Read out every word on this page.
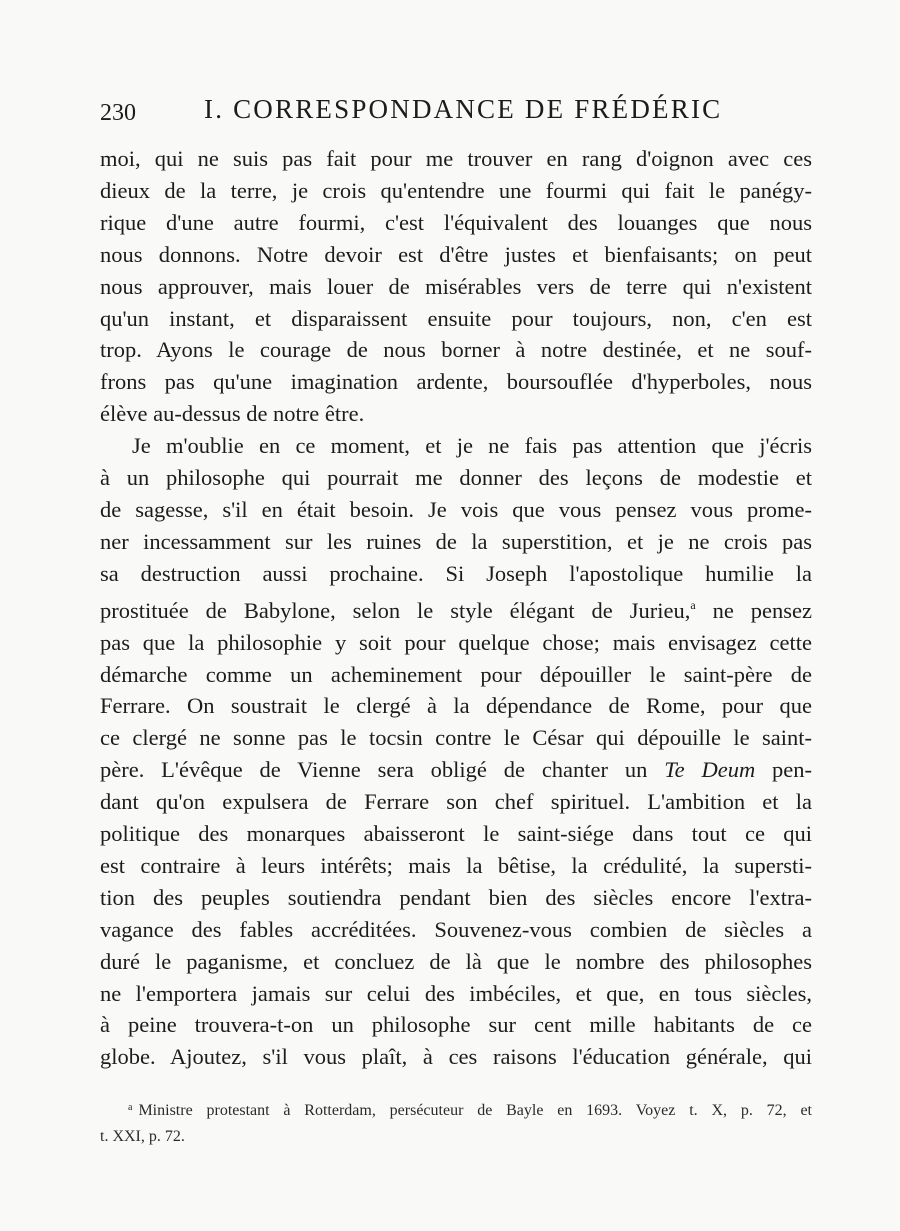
230	I. CORRESPONDANCE DE FRÉDÉRIC
moi, qui ne suis pas fait pour me trouver en rang d'oignon avec ces
dieux de la terre, je crois qu'entendre une fourmi qui fait le panégy-
rique d'une autre fourmi, c'est l'équivalent des louanges que nous
nous donnons. Notre devoir est d'être justes et bienfaisants; on peut
nous approuver, mais louer de misérables vers de terre qui n'existent
qu'un instant, et disparaissent ensuite pour toujours, non, c'en est
trop. Ayons le courage de nous borner à notre destinée, et ne souf-
frons pas qu'une imagination ardente, boursouflée d'hyperboles, nous
élève au-dessus de notre être.
Je m'oublie en ce moment, et je ne fais pas attention que j'écris
à un philosophe qui pourrait me donner des leçons de modestie et
de sagesse, s'il en était besoin. Je vois que vous pensez vous prome-
ner incessamment sur les ruines de la superstition, et je ne crois pas
sa destruction aussi prochaine. Si Joseph l'apostolique humilie la
prostituée de Babylone, selon le style élégant de Jurieu,$^a$ ne pensez
pas que la philosophie y soit pour quelque chose; mais envisagez cette
démarche comme un acheminement pour dépouiller le saint-père de
Ferrare. On soustrait le clergé à la dépendance de Rome, pour que
ce clergé ne sonne pas le tocsin contre le César qui dépouille le saint-
père. L'évêque de Vienne sera obligé de chanter un Te Deum pen-
dant qu'on expulsera de Ferrare son chef spirituel. L'ambition et la
politique des monarques abaisseront le saint-siége dans tout ce qui
est contraire à leurs intérêts; mais la bêtise, la crédulité, la supersti-
tion des peuples soutiendra pendant bien des siècles encore l'extra-
vagance des fables accréditées. Souvenez-vous combien de siècles a
duré le paganisme, et concluez de là que le nombre des philosophes
ne l'emportera jamais sur celui des imbéciles, et que, en tous siècles,
à peine trouvera-t-on un philosophe sur cent mille habitants de ce
globe. Ajoutez, s'il vous plaît, à ces raisons l'éducation générale, qui
$^a$ Ministre protestant à Rotterdam, persécuteur de Bayle en 1693. Voyez t. X, p. 72, et
t. XXI, p. 72.
